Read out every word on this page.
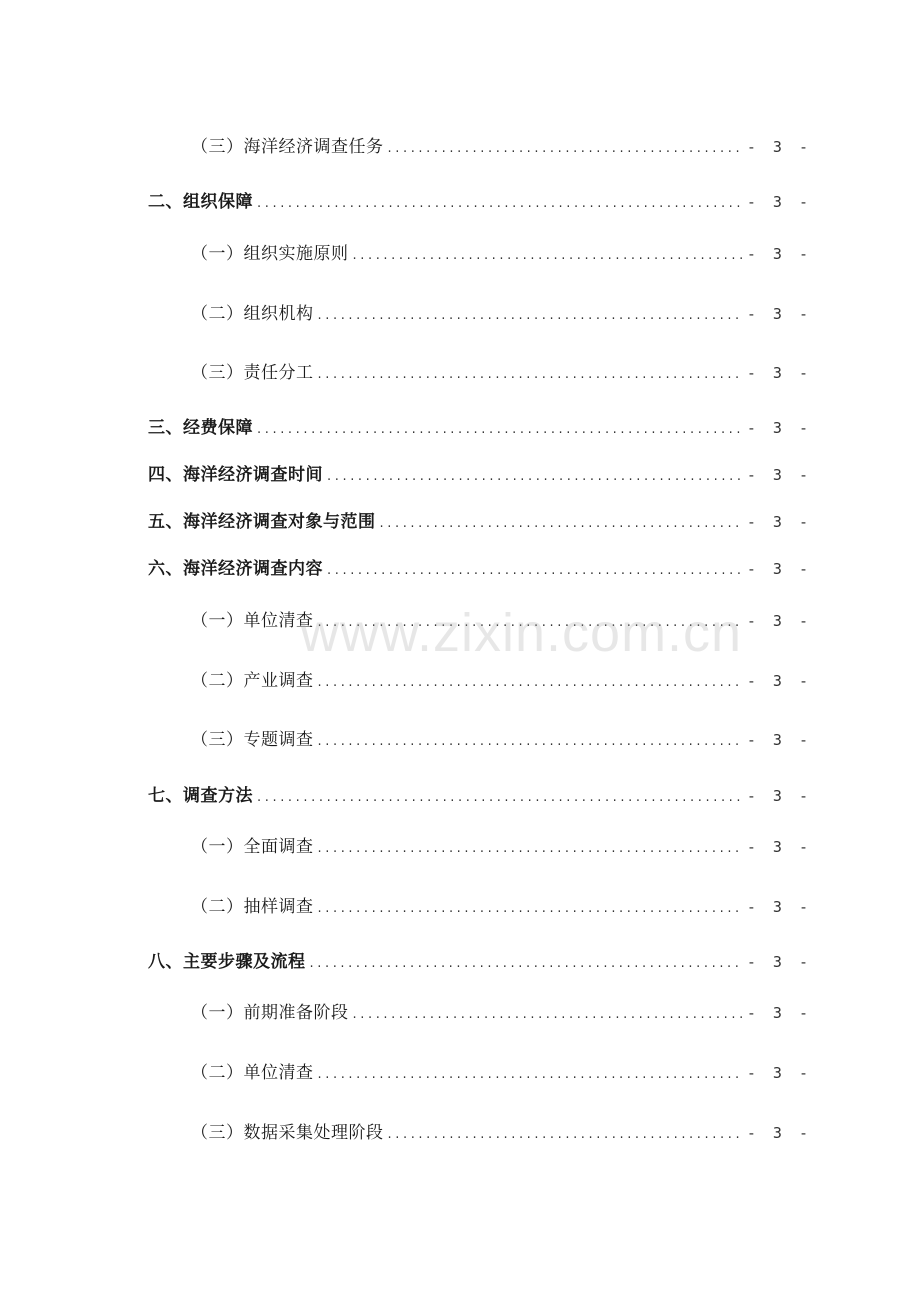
（三）海洋经济调查任务 .....	- 3 -
二、组织保障 .....	- 3 -
（一）组织实施原则 .....	- 3 -
（二）组织机构 .....	- 3 -
（三）责任分工 .....	- 3 -
三、经费保障 .....	- 3 -
四、海洋经济调查时间 .....	- 3 -
五、海洋经济调查对象与范围 .....	- 3 -
六、海洋经济调查内容 .....	- 3 -
（一）单位清查 .....	- 3 -
（二）产业调查 .....	- 3 -
（三）专题调查 .....	- 3 -
七、调查方法 .....	- 3 -
（一）全面调查 .....	- 3 -
（二）抽样调查 .....	- 3 -
八、主要步骤及流程 .....	- 3 -
（一）前期准备阶段 .....	- 3 -
（二）单位清查 .....	- 3 -
（三）数据采集处理阶段 .....	- 3 -
www.zixin.com.cn
